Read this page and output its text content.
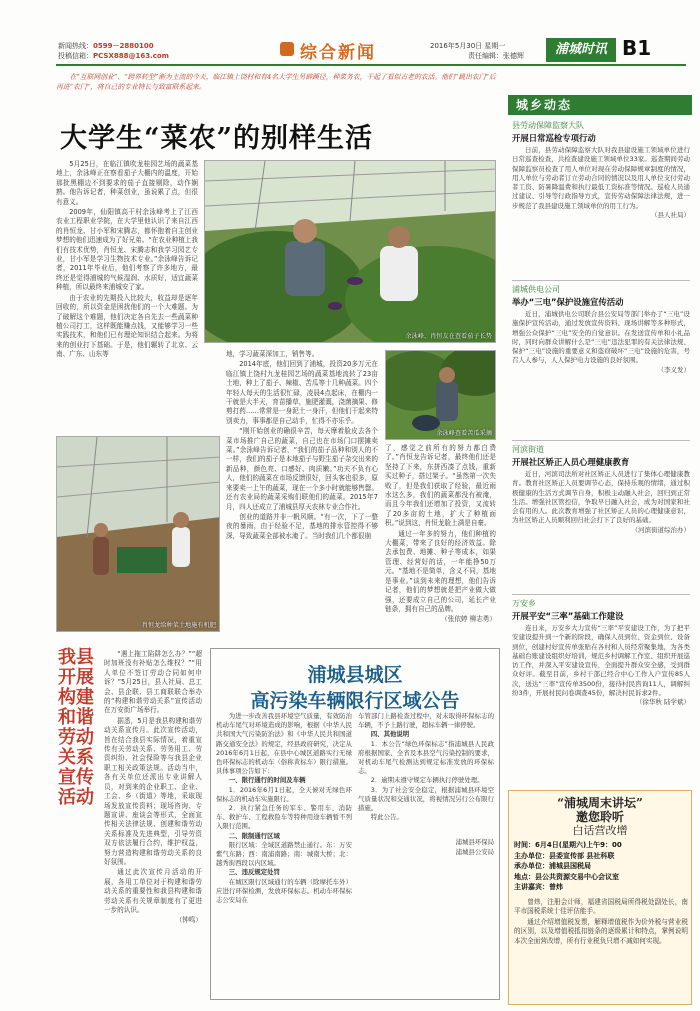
新闻热线：0599－2880100
投稿信箱：PCSX888@163.com	综合新闻	2016年5月30日 星期一
责任编辑：张德辉	浦城时讯 B1
在“互联网创业”、“跨界转型”渐为主流的今天，临江镇上饶村和有4名大学生另辟蹊径，种菜务农，干起了看似古老的农活。他们“跳出农门”后再进“农门”，将自己的专业特长与致富联系起来。
大学生“菜农”的别样生活
余泳峰、肖恒友在查看茄子长势
余泳峰查看苦瓜采摘
肖恒龙给种菜土地施有机肥

5月25日，在临江镇吹龙桂园艺场的蔬菜基地上，余泳峰正在察看茄子大棚内的温度，开始那批黑棚边不到要求的茄子直接剔除，动作娴熟。他告诉记者，种菜创业，虽说累了点，但很有意义。

2009年，仙阳镇高干村余泳峰考上了江西农业工程职业学院，在大学里他认识了来自江西的肖恒龙、甘小军和宋腾志，都怀抱着自主创业梦想的他们迅速成为了好兄弟。“在农业种植上我们有技术优势，肖恒龙、宋腾志和我学习园艺专业，甘小军是学习生物技术专业。”余泳峰告诉记者，2011年毕业后，他们考察了许多地方，最终还是觉得浦城的气候湿润、水质好，适宜蔬菜种植，所以最终来浦城安了家。

由于农业的先期投入比较大，收益却是逐年回收的，所以资金是困扰他们的一个大难题。为了破解这个难题，他们决定各自先去一些蔬菜种植公司打工，这样既能赚点钱，又能够学习一些实践技术，和他们已有理论知识结合起来。为将来的创业打下基础。于是，他们辗转了北京、云南、广东、山东等	地，学习蔬菜深加工，销售等。

2014年底，他们回到了浦城，投资20多万元在临江镇上饶村九龙桂园艺场的蔬菜基地流转了23亩土地，种上了茄子、辣椒、苦瓜等十几种蔬菜。四个年轻人每天的生活很忙碌，凌晨4点起床，在棚内一干就是大半天，育苗播草，施肥灌溉，浇菌摘果、修剪打药……常常是一身泥土一身汗，但他们干起来特别卖力，事事都是自己动手，忙得不亦乐乎。

“刚开始创业的确很辛苦，每天摩着脸皮去各个菜市场推广自己的蔬菜，自己也在市场门口摆摊卖菜。”余泳峰告诉记者，“我们的茄子品种和别人的不一样，我们的茄子是本地茄子与野生茄子杂交出来的新品种，颜色亮、口感好、肉质嫩。”功夫不负有心人，他们的蔬菜在市场反馈很好，回头客也很多，原来要卖一上午的蔬菜，现在一个多小时就能够售罄。还有农业局的蔬菜采购们联他们的蔬菜。2015年7月，四人还成立了浦城县厚天农林专业合作社。

创业的道路并非一帆风顺。“有一次，下了一整夜的暴雨，由于经验不足，基地的排水管控得不够深，导致蔬菜全部被水淹了。当时我们几个都很崩

了，感觉之前所有的努力都白费了。”肖恒龙告诉记者，最终他们还是坚持了下来，东拼西凑了点钱，重新买过种子，搭过架子。“虽然第一次失败了，但是我们获取了经验，最近雨水这么多，我们的蔬菜都没有被淹，而且今年我们还增加了投资，又流转了20多亩的土地，扩大了种植面积。”说到这，肖恒龙脸上满是自豪。

通过一年多的努力，他们种植的大棚菜，带来了良好的经济效益。除去承包费、地摊、种子等成本，如果管理、经营好的话，一年能挣50万元。“基地不是简单，含义不同，基地是事业。”谈到未来的理想，他们告诉记者，他们的梦想就是把产业做大做强，还要成立自己的公司，延长产业链条，拥有自己的品牌。

（张依婷 柳志勇）

城乡动态
县劳动保障监察大队
开展日常巡检专项行动
日前，县劳动保障监察大队对我县建设施工领域单位进行日常巡查检查，共检查建设施工领域单位33家。巡查期间劳动保障监察员检查了用人单位对现在劳动保障规章制度的情况，用人单位与劳动者订立劳动合同的情况以及用人单位支付劳动者工资、防暑降温费和执行最低工资标准等情况。巡检人员通过建议、引导等行政指导方式，宣传劳动保障法律法规，进一步规范了我县建设施工领域单位的用工行为。
（县人社局）
浦城供电公司
举办“三电”保护设施宣传活动
近日，浦城供电公司联合县公安局等部门举办了“三电”设施保护宣传活动，通过发放宣传资料、现场讲解等多种形式，增强公众保护“三电”安全的自觉意识。在发送宣传单和小礼品时，同时向群众讲解什么是“三电”违法犯罪的有关法律法规、保护“三电”设施的重要意义和盗窃破坏“三电”设施的危害，号召人人参与，人人保护电力设施的良好氛围。
（李义发）
河滨街道
开展社区矫正人员心理健康教育
近日，河滨司法所对社区矫正人员进行了集体心理健康教育。教育社区矫正人员要调节心态，保持乐观的情绪，通过积极健康的生活方式调节自身，积极主动融入社会，回归到正常生活。增强社区管控信，争取早日融入社会，成为对国家和社会有用的人。此次教育增强了社区矫正人员的心理健康意识，为社区矫正人员顺利回归社会打下了良好的基础。
（河滨街道综治办）
万安乡
开展平安“三率”基础工作建设
连日来，万安乡大力宣传“三率”平安建设工作，为了把平安建设提升到一个新的阶段，确保人员到位、资金到位、设备到位，创建村好宣传单张贴在各村和人员经常聚集地，为各类基础台账建设组织好培训，规范乡村调解工作室、组织开展巡访工作，并深入平安建设宣传，全面提升群众安全感，受到群众好评。截至目前，乡村干部已经合中心工作入户宣传85人次，送达“三率”宣传单3500份，接待村民咨询11人，调解纠纷3件，开展村民问卷调查45份，解决村民诉求2件。
（徐华秋 陆学斌）
我县开展构建和谐劳动关系宣传活动

“遇上拖工陷阱怎么办？”“超时加班没有补贴怎么维权？”“用人单位不签订劳动合同如何申诉？”5月25日，县人社局、总工会、县企联、县工商联联合举办的“构建和谐劳动关系”宣传活动在万安街广场举行。

据悉，5月是我县构建和谐劳动关系宣传月。此次宣传活动，旨在结合我县实际情况，着重宣传有关劳动关系、劳务用工、劳资纠纷、社会保险等与我县企业职工相关政策法规。活动当中，各有关单位还派出专业讲解人员，对到来的企业职工、企业、工会、乡（街道）等地，采取现场发放宣传资料；现场咨询、专题宣讲、座谈会等形式，全面宣传相关法律法规、创建和谐劳动关系标准及先进典型，引导劳资双方依法履行合约，维护权益，努力营造构建和谐劳动关系的良好氛围。

通过此次宣传月活动的开展，各用工单位对于构建和谐劳动关系的重要性和我县构建和谐劳动关系有关规章制度有了更进一步的认识。

（钟鸣）

浦城县城区
高污染车辆限行区域公告

为进一步改善我县环境空气质量，有效防治机动车尾气对环境造成的影响，根据《中华人民共和国大气污染防治法》和《中华人民共和国道路交通安全法》的规定，经县政府研究，决定从2016年6月1日起，在县中心城区道路实行无绿色环保标志的机动车（俗称黄标车）限行措施。具体事项公告如下：

一、限行通行的时间及车辆

1．2016年6月1日起，全天候对无绿色环保标志的机动车实施限行。

2．执行紧急任务的军车、警用车、消防车、救护车、工程救险车等特种用途车辆暂不列入限行范围。

二、限制通行区域

限行区域：全域区道路禁止通行。东：万安紫气东路；西：南浦南路；南：城南大桥；北：越秀街西段以内区域。

三、违反规定处罚

在城区限行区域通行的车辆（除摩托车外）应进行环保检测，发放环保标志。机动车环保标志公安局在

车管部门上路检查过程中，对未取得环保标志的车辆，不予上路行驶，超标车辆一律停驶。

四、其他说明

1．本公告“绿色环保标志”指浦城县人民政府根据国家、全省及本县空气污染控制的要求，对机动车尾气检测达到规定标准发放的环保标志。

2．逾期未遵守规定车辆执行停驶处理。

3．为了社会安全稳定，根据浦城县环境空气质量状况和交通状况，将视情况另行公布限行措施。

特此公告。

浦城县环保局
浦城县公安局
“浦城周末讲坛”
邀您聆听
白话营改增
时间：6月4日(星期六)上午9：00
主办单位：县委宣传部 县社科联
承办单位：浦城县国税局
地点：县公共资源交易中心会议室
主讲嘉宾：曾炜

曾炜，注册会计师，福建省国税局所得税处副处长，南平市国税系统十佳评估能手。

通过介绍增值税发票，解释增值税作为价外税与营业税的区别，以及增值税抵扣链条的逐级累计和特点，掌例说明本次全面营改增，所有行业税负只增不减如何实现。
